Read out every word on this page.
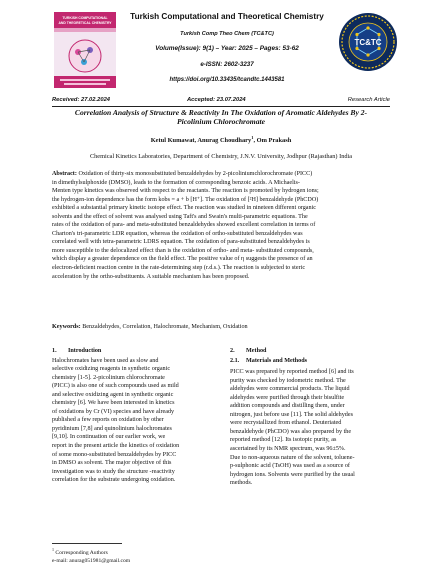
TURKISH COMPUTATIONAL
AND THEORETICAL CHEMISTRY
Turkish Computational and Theoretical Chemistry
Turkish Comp Theo Chem (TC&TC)
Volume(Issue): 9(1) – Year: 2025 – Pages: 53-62
e-ISSN: 2602-3237
https://doi.org/10.33435/tcandtc.1443581
TC&TC
Received: 27.02.2024	Accepted: 23.07.2024	Research Article
Correlation Analysis of Structure & Reactivity In The Oxidation of Aromatic Aldehydes By 2-
Picolinium Chlorochromate
Ketul Kumawat, Anurag Choudhary$^1$, Om Prakash
Chemical Kinetics Laboratories, Department of Chemistry, J.N.V. University, Jodhpur (Rajasthan) India
Abstract: Oxidation of thirty-six monosubstituted benzaldehydes by 2-picoliniumchlorochromate (PICC)
in dimethylsulphoxide (DMSO), leads to the formation of corresponding benzoic acids. A Michaelis-
Menten type kinetics was observed with respect to the reactants. The reaction is promoted by hydrogen ions;
the hydrogen-ion dependence has the form kobs = a + b [H⁺]. The oxidation of [²H] benzaldehyde (PhCDO)
exhibited a substantial primary kinetic isotope effect. The reaction was studied in nineteen different organic
solvents and the effect of solvent was analysed using Taft's and Swain's multi-parametric equations. The
rates of the oxidation of para- and meta-substituted benzaldehydes showed excellent correlation in terms of
Charton's tri-parametric LDR equation, whereas the oxidation of ortho-substituted benzaldehydes was
correlated well with tetra-parametric LDRS equation. The oxidation of para-substituted benzaldehydes is
more susceptible to the delocalized effect than is the oxidation of ortho- and meta- substituted compounds,
which display a greater dependence on the field effect. The positive value of η suggests the presence of an
electron-deficient reaction centre in the rate-determining step (r.d.s.). The reaction is subjected to steric
acceleration by the ortho-substituents. A suitable mechanism has been proposed.
Keywords: Benzaldehydes, Correlation, Halochromate, Mechanism, Oxidation
1. Introduction
Halochromates have been used as slow and
selective oxidizing reagents in synthetic organic
chemistry [1-5]. 2-picolinium chlorochromate
(PICC) is also one of such compounds used as mild
and selective oxidizing agent in synthetic organic
chemistry [6]. We have been interested in kinetics
of oxidations by Cr (VI) species and have already
published a few reports on oxidation by other
pyridinium [7,8] and quinolinium halochromates
[9,10]. In continuation of our earlier work, we
report in the present article the kinetics of oxidation
of some mono-substituted benzaldehydes by PICC
in DMSO as solvent. The major objective of this
investigation was to study the structure -reactivity
correlation for the substrate undergoing oxidation.
2. Method
2.1. Materials and Methods
PICC was prepared by reported method [6] and its
purity was checked by iodometric method. The
aldehydes were commercial products. The liquid
aldehydes were purified through their bisulfite
addition compounds and distilling them, under
nitrogen, just before use [11]. The solid aldehydes
were recrystallized from ethanol. Deuteriated
benzaldehyde (PhCDO) was also prepared by the
reported method [12]. Its isotopic purity, as
ascertained by its NMR spectrum, was 96±5%.
Due to non-aqueous nature of the solvent, toluene-
p-sulphonic acid (TsOH) was used as a source of
hydrogen ions. Solvents were purified by the usual
methods.
$^1$ Corresponding Authors
e-mail: anurag051981@gmail.com
